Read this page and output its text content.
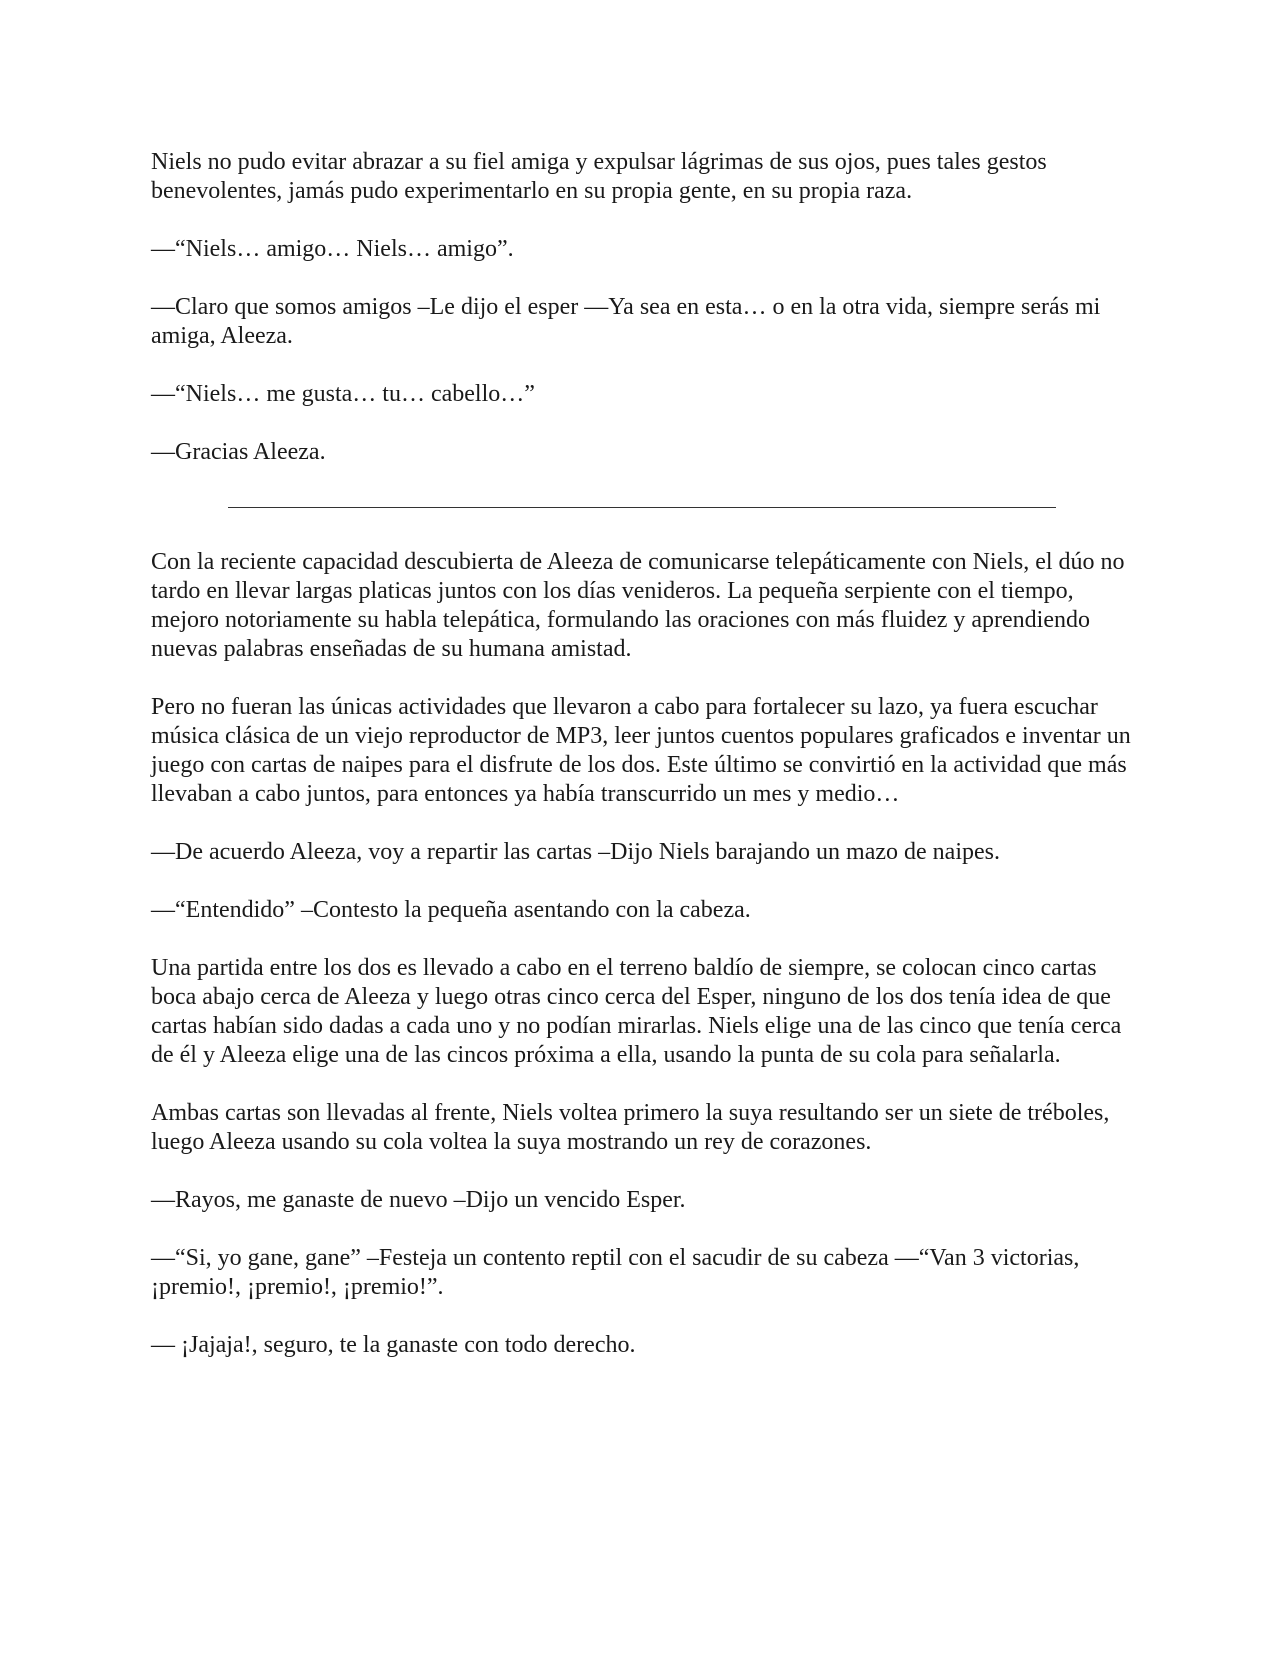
Niels no pudo evitar abrazar a su fiel amiga y expulsar lágrimas de sus ojos, pues tales gestos benevolentes, jamás pudo experimentarlo en su propia gente, en su propia raza.

—“Niels… amigo… Niels… amigo”.

—Claro que somos amigos –Le dijo el esper —Ya sea en esta… o en la otra vida, siempre serás mi amiga, Aleeza.

—“Niels… me gusta… tu… cabello…”

—Gracias Aleeza.

Con la reciente capacidad descubierta de Aleeza de comunicarse telepáticamente con Niels, el dúo no tardo en llevar largas platicas juntos con los días venideros. La pequeña serpiente con el tiempo, mejoro notoriamente su habla telepática, formulando las oraciones con más fluidez y aprendiendo nuevas palabras enseñadas de su humana amistad.

Pero no fueran las únicas actividades que llevaron a cabo para fortalecer su lazo, ya fuera escuchar música clásica de un viejo reproductor de MP3, leer juntos cuentos populares graficados e inventar un juego con cartas de naipes para el disfrute de los dos. Este último se convirtió en la actividad que más llevaban a cabo juntos, para entonces ya había transcurrido un mes y medio…

—De acuerdo Aleeza, voy a repartir las cartas –Dijo Niels barajando un mazo de naipes.

—“Entendido” –Contesto la pequeña asentando con la cabeza.

Una partida entre los dos es llevado a cabo en el terreno baldío de siempre, se colocan cinco cartas boca abajo cerca de Aleeza y luego otras cinco cerca del Esper, ninguno de los dos tenía idea de que cartas habían sido dadas a cada uno y no podían mirarlas. Niels elige una de las cinco que tenía cerca de él y Aleeza elige una de las cincos próxima a ella, usando la punta de su cola para señalarla.

Ambas cartas son llevadas al frente, Niels voltea primero la suya resultando ser un siete de tréboles, luego Aleeza usando su cola voltea la suya mostrando un rey de corazones.

—Rayos, me ganaste de nuevo –Dijo un vencido Esper.

—“Si, yo gane, gane” –Festeja un contento reptil con el sacudir de su cabeza —“Van 3 victorias, ¡premio!, ¡premio!, ¡premio!”.

— ¡Jajaja!, seguro, te la ganaste con todo derecho.
